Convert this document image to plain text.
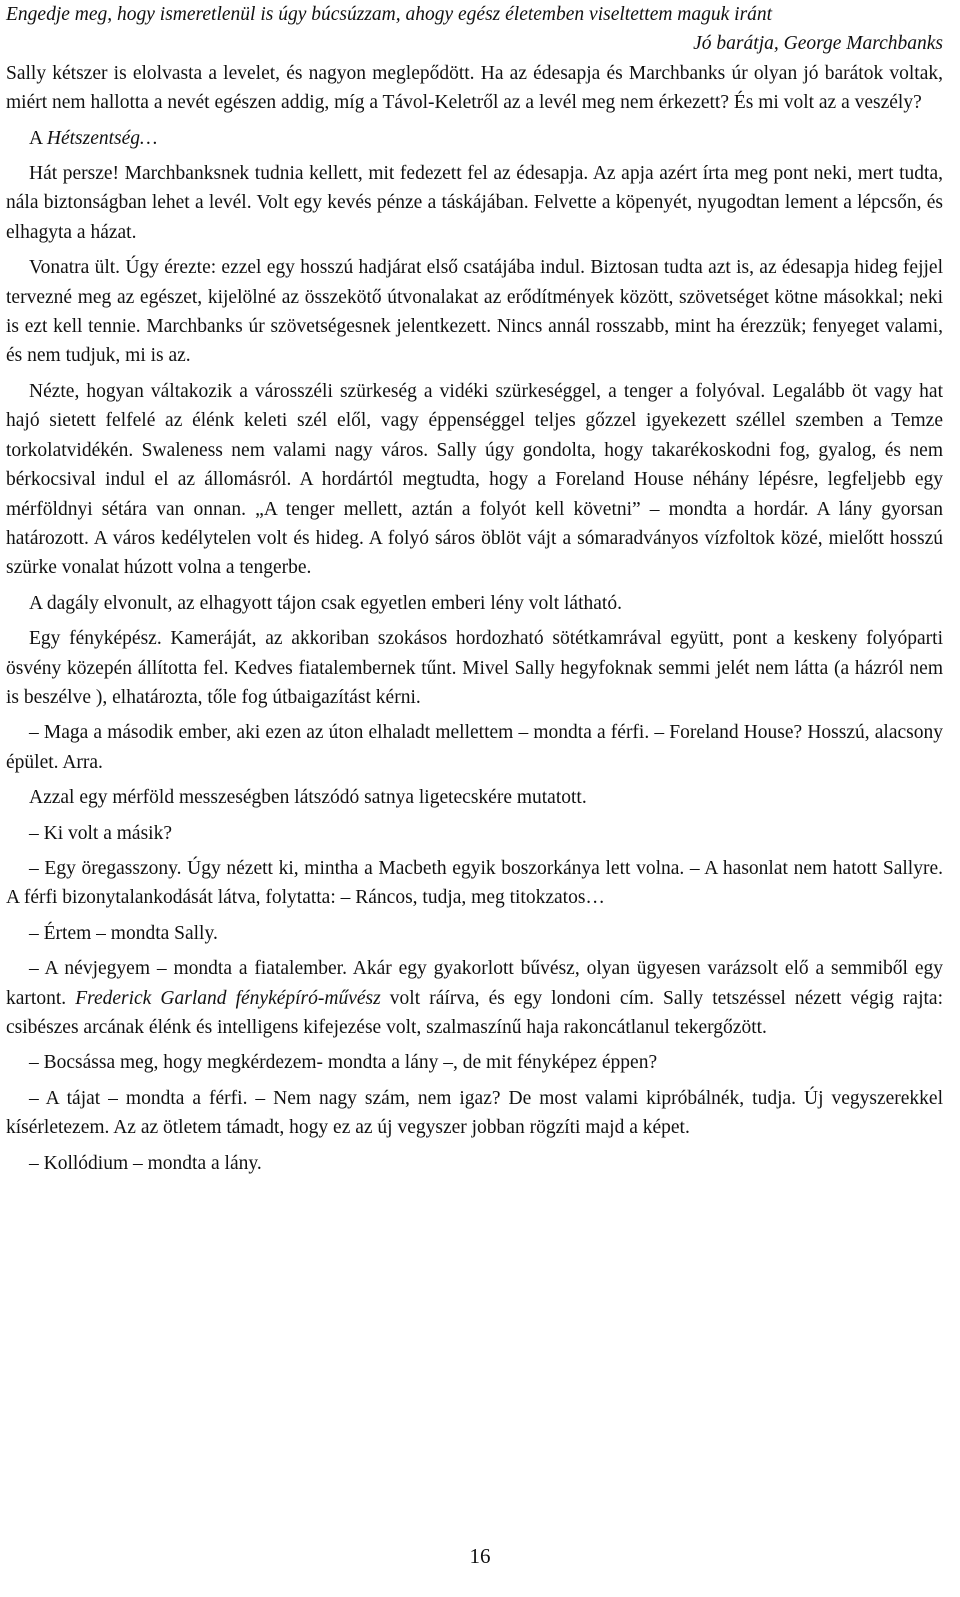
Engedje meg, hogy ismeretlenül is úgy búcsúzzam, ahogy egész életemben viseltettem maguk iránt

Jó barátja, George Marchbanks

Sally kétszer is elolvasta a levelet, és nagyon meglepődött. Ha az édesapja és Marchbanks úr olyan jó barátok voltak, miért nem hallotta a nevét egészen addig, míg a Távol-Keletről az a levél meg nem érkezett? És mi volt az a veszély?

A Hétszentség…

Hát persze! Marchbanksnek tudnia kellett, mit fedezett fel az édesapja. Az apja azért írta meg pont neki, mert tudta, nála biztonságban lehet a levél. Volt egy kevés pénze a táskájában. Felvette a köpenyét, nyugodtan lement a lépcsőn, és elhagyta a házat.

Vonatra ült. Úgy érezte: ezzel egy hosszú hadjárat első csatájába indul. Biztosan tudta azt is, az édesapja hideg fejjel tervezné meg az egészet, kijelölné az összekötő útvonalakat az erődítmények között, szövetséget kötne másokkal; neki is ezt kell tennie. Marchbanks úr szövetségesnek jelentkezett. Nincs annál rosszabb, mint ha érezzük; fenyeget valami, és nem tudjuk, mi is az.

Nézte, hogyan váltakozik a városszéli szürkeség a vidéki szürkeséggel, a tenger a folyóval. Legalább öt vagy hat hajó sietett felfelé az élénk keleti szél elől, vagy éppenséggel teljes gőzzel igyekezett széllel szemben a Temze torkolatvidékén. Swaleness nem valami nagy város. Sally úgy gondolta, hogy takarékoskodni fog, gyalog, és nem bérkocsival indul el az állomásról. A hordártól megtudta, hogy a Foreland House néhány lépésre, legfeljebb egy mérföldnyi sétára van onnan. „A tenger mellett, aztán a folyót kell követni” – mondta a hordár. A lány gyorsan határozott. A város kedélytelen volt és hideg. A folyó sáros öblöt vájt a sómaradványos vízfoltok közé, mielőtt hosszú szürke vonalat húzott volna a tengerbe.

A dagály elvonult, az elhagyott tájon csak egyetlen emberi lény volt látható.

Egy fényképész. Kameráját, az akkoriban szokásos hordozható sötétkamrával együtt, pont a keskeny folyóparti ösvény közepén állította fel. Kedves fiatalembernek tűnt. Mivel Sally hegyfoknak semmi jelét nem látta (a házról nem is beszélve ), elhatározta, tőle fog útbaigazítást kérni.

– Maga a második ember, aki ezen az úton elhaladt mellettem – mondta a férfi. – Foreland House? Hosszú, alacsony épület. Arra.

Azzal egy mérföld messzeségben látszódó satnya ligetecskére mutatott.

– Ki volt a másik?

– Egy öregasszony. Úgy nézett ki, mintha a Macbeth egyik boszorkánya lett volna. – A hasonlat nem hatott Sallyre. A férfi bizonytalankodását látva, folytatta: – Ráncos, tudja, meg titokzatos…

– Értem – mondta Sally.

– A névjegyem – mondta a fiatalember. Akár egy gyakorlott bűvész, olyan ügyesen varázsolt elő a semmiből egy kartont. Frederick Garland fényképíró-művész volt ráírva, és egy londoni cím. Sally tetszéssel nézett végig rajta: csibészes arcának élénk és intelligens kifejezése volt, szalmaszínű haja rakoncátlanul tekergőzött.

– Bocsássa meg, hogy megkérdezem- mondta a lány –, de mit fényképez éppen?

– A tájat – mondta a férfi. – Nem nagy szám, nem igaz? De most valami kipróbálnék, tudja. Új vegyszerekkel kísérletezem. Az az ötletem támadt, hogy ez az új vegyszer jobban rögzíti majd a képet.

– Kollódium – mondta a lány.

16
